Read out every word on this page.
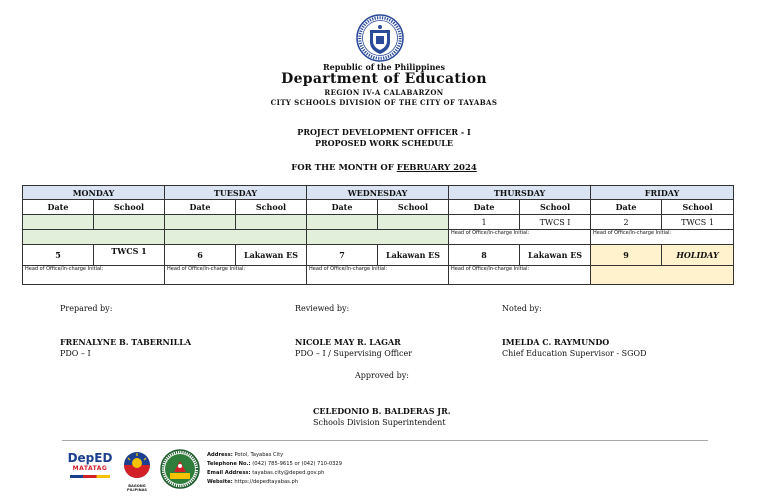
Republic of the Philippines
Department of Education
REGION IV-A CALABARZON
CITY SCHOOLS DIVISION OF THE CITY OF TAYABAS
PROJECT DEVELOPMENT OFFICER - I
PROPOSED WORK SCHEDULE
FOR THE MONTH OF FEBRUARY 2024
MONDAY		TUESDAY		WEDNESDAY		THURSDAY		FRIDAY	
Date	School	Date	School	Date	School	Date	School	Date	School
						1	TWCS I	2	TWCS 1
						Head of Office/In-charge Initial:		Head of Office/In-charge Initial:	
5	TWCS 1	6	Lakawan ES	7	Lakawan ES	8	Lakawan ES	9	HOLIDAY
Head of Office/In-charge Initial:		Head of Office/In-charge Initial:		Head of Office/In-charge Initial:		Head of Office/In-charge Initial:			
Prepared by:	Reviewed by:	Noted by:
FRENALYNE B. TABERNILLA
PDO – I
NICOLE MAY R. LAGAR
PDO – I / Supervising Officer
IMELDA C. RAYMUNDO
Chief Education Supervisor - SGOD
Approved by:
CELEDONIO B. BALDERAS JR.
Schools Division Superintendent
DepED
MATATAG
BAGONG PILIPINAS
Address: Potol, Tayabas City
Telephone No.: (042) 785-9615 or (042) 710-0329
Email Address: tayabas.city@deped.gov.ph
Website: https://depedtayabas.ph
